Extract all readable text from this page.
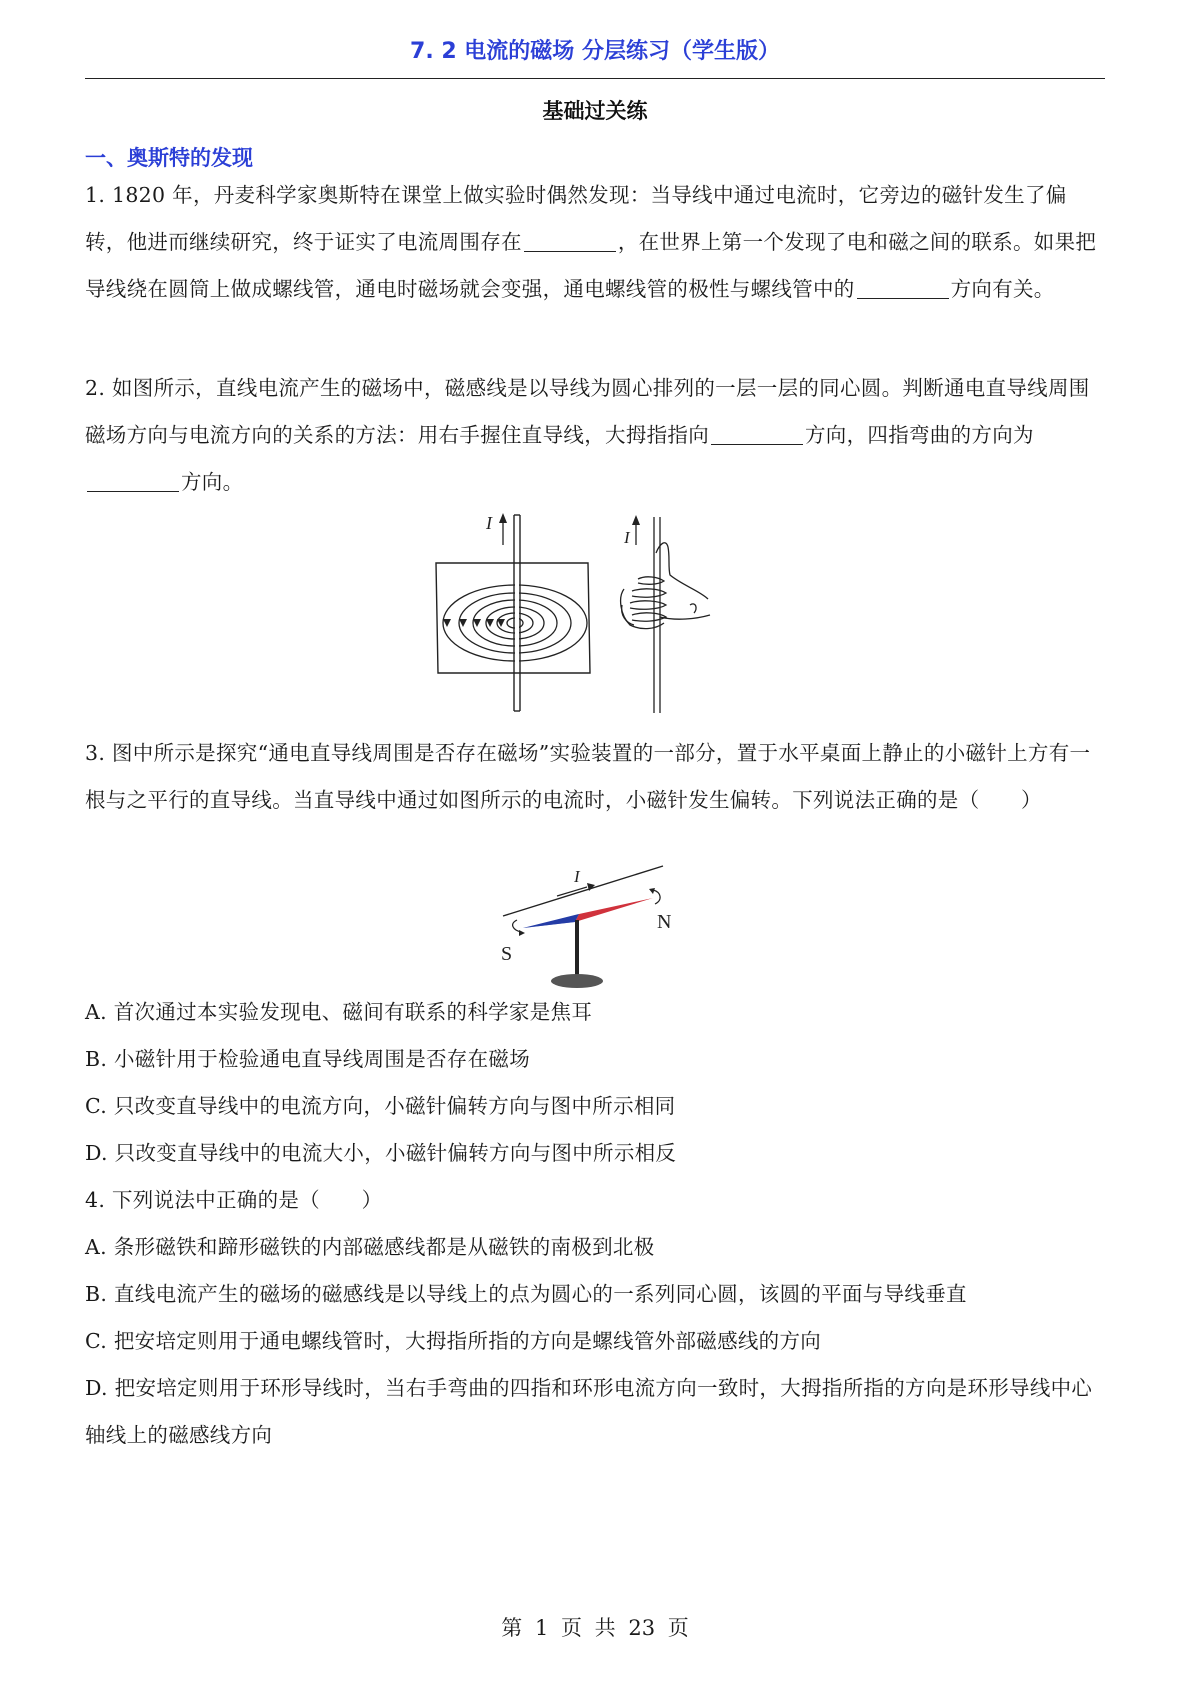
7. 2 电流的磁场 分层练习（学生版）
基础过关练
一、奥斯特的发现
1. 1820 年，丹麦科学家奥斯特在课堂上做实验时偶然发现：当导线中通过电流时，它旁边的磁针发生了偏转，他进而继续研究，终于证实了电流周围存在	，在世界上第一个发现了电和磁之间的联系。如果把导线绕在圆筒上做成螺线管，通电时磁场就会变强，通电螺线管的极性与螺线管中的	方向有关。
2. 如图所示，直线电流产生的磁场中，磁感线是以导线为圆心排列的一层一层的同心圆。判断通电直导线周围磁场方向与电流方向的关系的方法：用右手握住直导线，大拇指指向	方向，四指弯曲的方向为方向。
I
I
3. 图中所示是探究“通电直导线周围是否存在磁场”实验装置的一部分，置于水平桌面上静止的小磁针上方有一根与之平行的直导线。当直导线中通过如图所示的电流时，小磁针发生偏转。下列说法正确的是（　　）
I
N
S
A. 首次通过本实验发现电、磁间有联系的科学家是焦耳
B. 小磁针用于检验通电直导线周围是否存在磁场
C. 只改变直导线中的电流方向，小磁针偏转方向与图中所示相同
D. 只改变直导线中的电流大小，小磁针偏转方向与图中所示相反
4. 下列说法中正确的是（　　）
A. 条形磁铁和蹄形磁铁的内部磁感线都是从磁铁的南极到北极
B. 直线电流产生的磁场的磁感线是以导线上的点为圆心的一系列同心圆，该圆的平面与导线垂直
C. 把安培定则用于通电螺线管时，大拇指所指的方向是螺线管外部磁感线的方向
D. 把安培定则用于环形导线时，当右手弯曲的四指和环形电流方向一致时，大拇指所指的方向是环形导线中心轴线上的磁感线方向
第 1 页 共 23 页
